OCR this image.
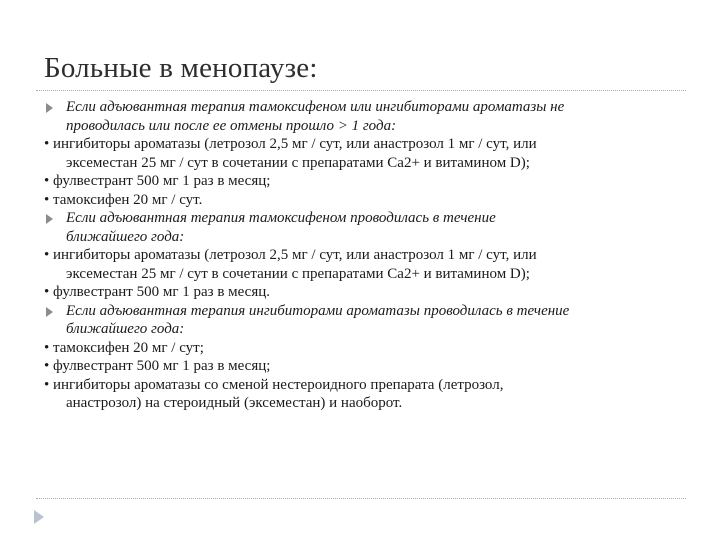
Больные в менопаузе:
Если адъювантная терапия тамоксифеном или ингибиторами ароматазы не
проводилась или после ее отмены прошло > 1 года:
• ингибиторы ароматазы (летрозол 2,5 мг / сут, или анастрозол 1 мг / сут, или
эксеместан 25 мг / сут в сочетании с препаратами Са2+ и витамином D);
• фулвестрант 500 мг 1 раз в месяц;
• тамоксифен 20 мг / сут.
Если адъювантная терапия тамоксифеном проводилась в течение
ближайшего года:
• ингибиторы ароматазы (летрозол 2,5 мг / сут, или анастрозол 1 мг / сут, или
эксеместан 25 мг / сут в сочетании с препаратами Са2+ и витамином D);
• фулвестрант 500 мг 1 раз в месяц.
Если адъювантная терапия ингибиторами ароматазы проводилась в течение
ближайшего года:
• тамоксифен 20 мг / сут;
• фулвестрант 500 мг 1 раз в месяц;
• ингибиторы ароматазы со сменой нестероидного препарата (летрозол,
анастрозол) на стероидный (эксеместан) и наоборот.
